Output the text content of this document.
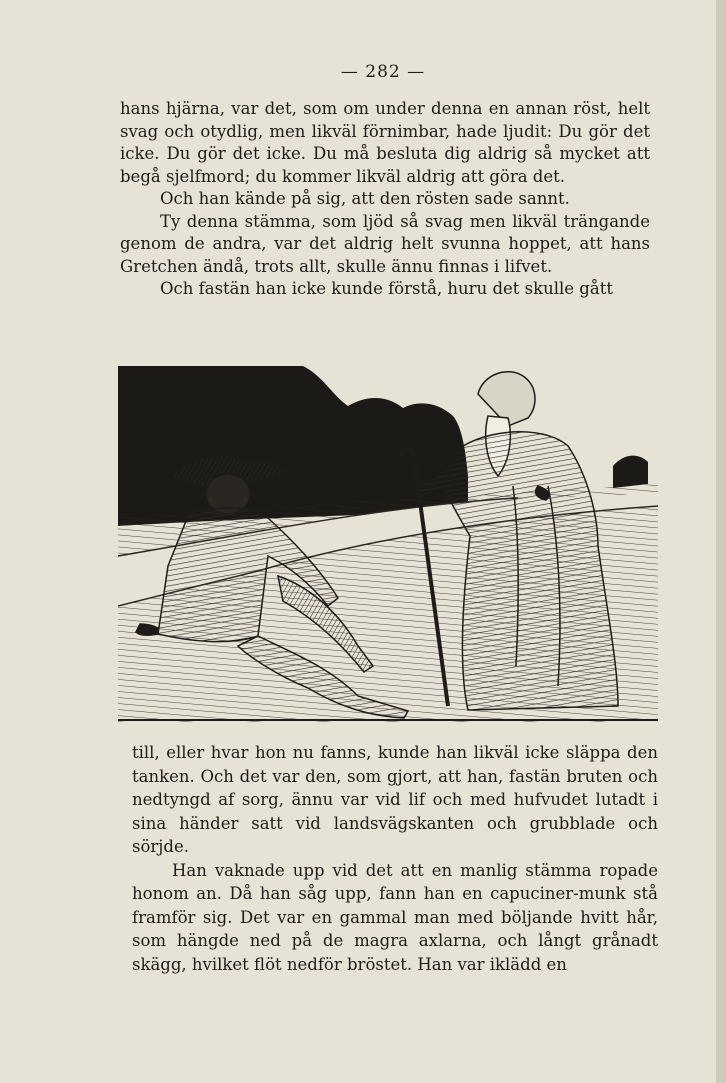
— 282 —

hans hjärna, var det, som om under denna en annan röst, helt svag och otydlig, men likväl förnimbar, hade ljudit: Du gör det icke. Du gör det icke. Du må besluta dig aldrig så mycket att begå sjelfmord; du kommer likväl aldrig att göra det.

Och han kände på sig, att den rösten sade sannt.

Ty denna stämma, som ljöd så svag men likväl trängande genom de andra, var det aldrig helt svunna hoppet, att hans Gretchen ändå, trots allt, skulle ännu finnas i lifvet.

Och fastän han icke kunde förstå, huru det skulle gått

till, eller hvar hon nu fanns, kunde han likväl icke släppa den tanken. Och det var den, som gjort, att han, fastän bruten och nedtyngd af sorg, ännu var vid lif och med hufvudet lutadt i sina händer satt vid landsvägskanten och grubblade och sörjde.

Han vaknade upp vid det att en manlig stämma ropade honom an. Då han såg upp, fann han en capuciner-munk stå framför sig. Det var en gammal man med böljande hvitt hår, som hängde ned på de magra axlarna, och långt grånadt skägg, hvilket flöt nedför bröstet. Han var iklädd en
